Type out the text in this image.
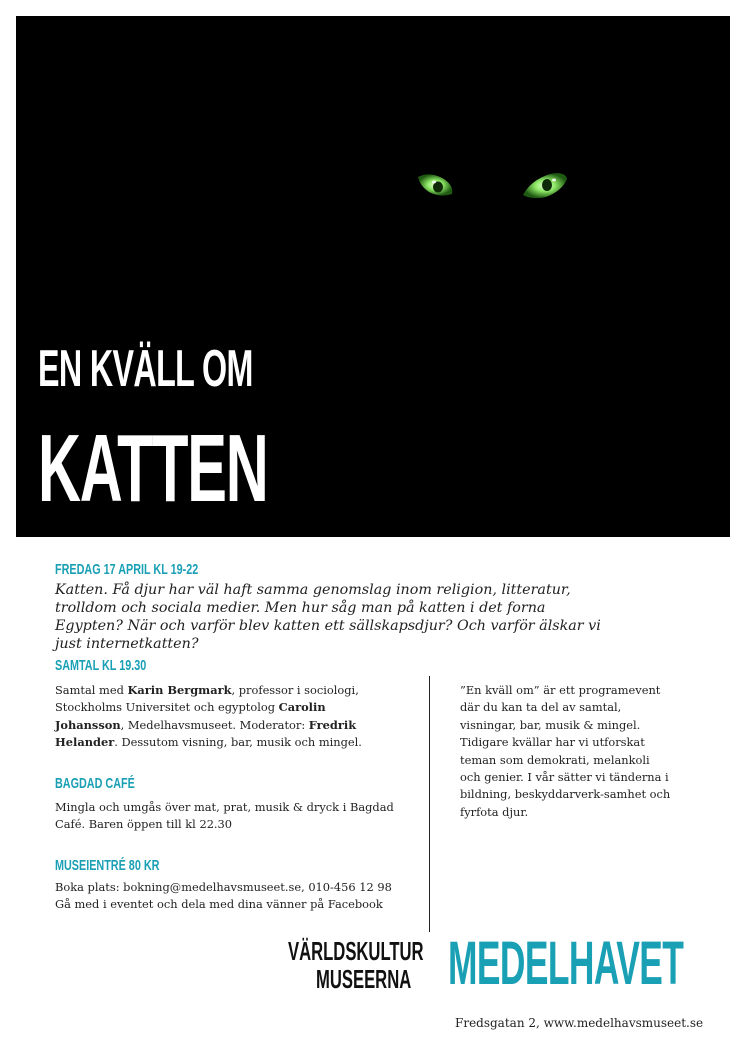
EN KVÄLL OM
KATTEN
FREDAG 17 APRIL KL 19-22
Katten. Få djur har väl haft samma genomslag inom religion, litteratur, trolldom och sociala medier. Men hur såg man på katten i det forna Egypten? När och varför blev katten ett sällskapsdjur? Och varför älskar vi just internetkatten?
SAMTAL KL 19.30
Samtal med Karin Bergmark, professor i sociologi, Stockholms Universitet och egyptolog Carolin Johansson, Medelhavsmuseet. Moderator: Fredrik Helander. Dessutom visning, bar, musik och mingel.
BAGDAD CAFÉ
Mingla och umgås över mat, prat, musik & dryck i Bagdad Café. Baren öppen till kl 22.30
MUSEIENTRÉ 80 KR
Boka plats: bokning@medelhavsmuseet.se, 010-456 12 98
Gå med i eventet och dela med dina vänner på Facebook
”En kväll om” är ett programevent där du kan ta del av samtal, visningar, bar, musik & mingel. Tidigare kvällar har vi utforskat teman som demokrati, melankoli och genier. I vår sätter vi tänderna i bildning, beskyddarverk-samhet och fyrfota djur.
VÄRLDSKULTUR
MUSEERNA MEDELHAVET
Fredsgatan 2, www.medelhavsmuseet.se
